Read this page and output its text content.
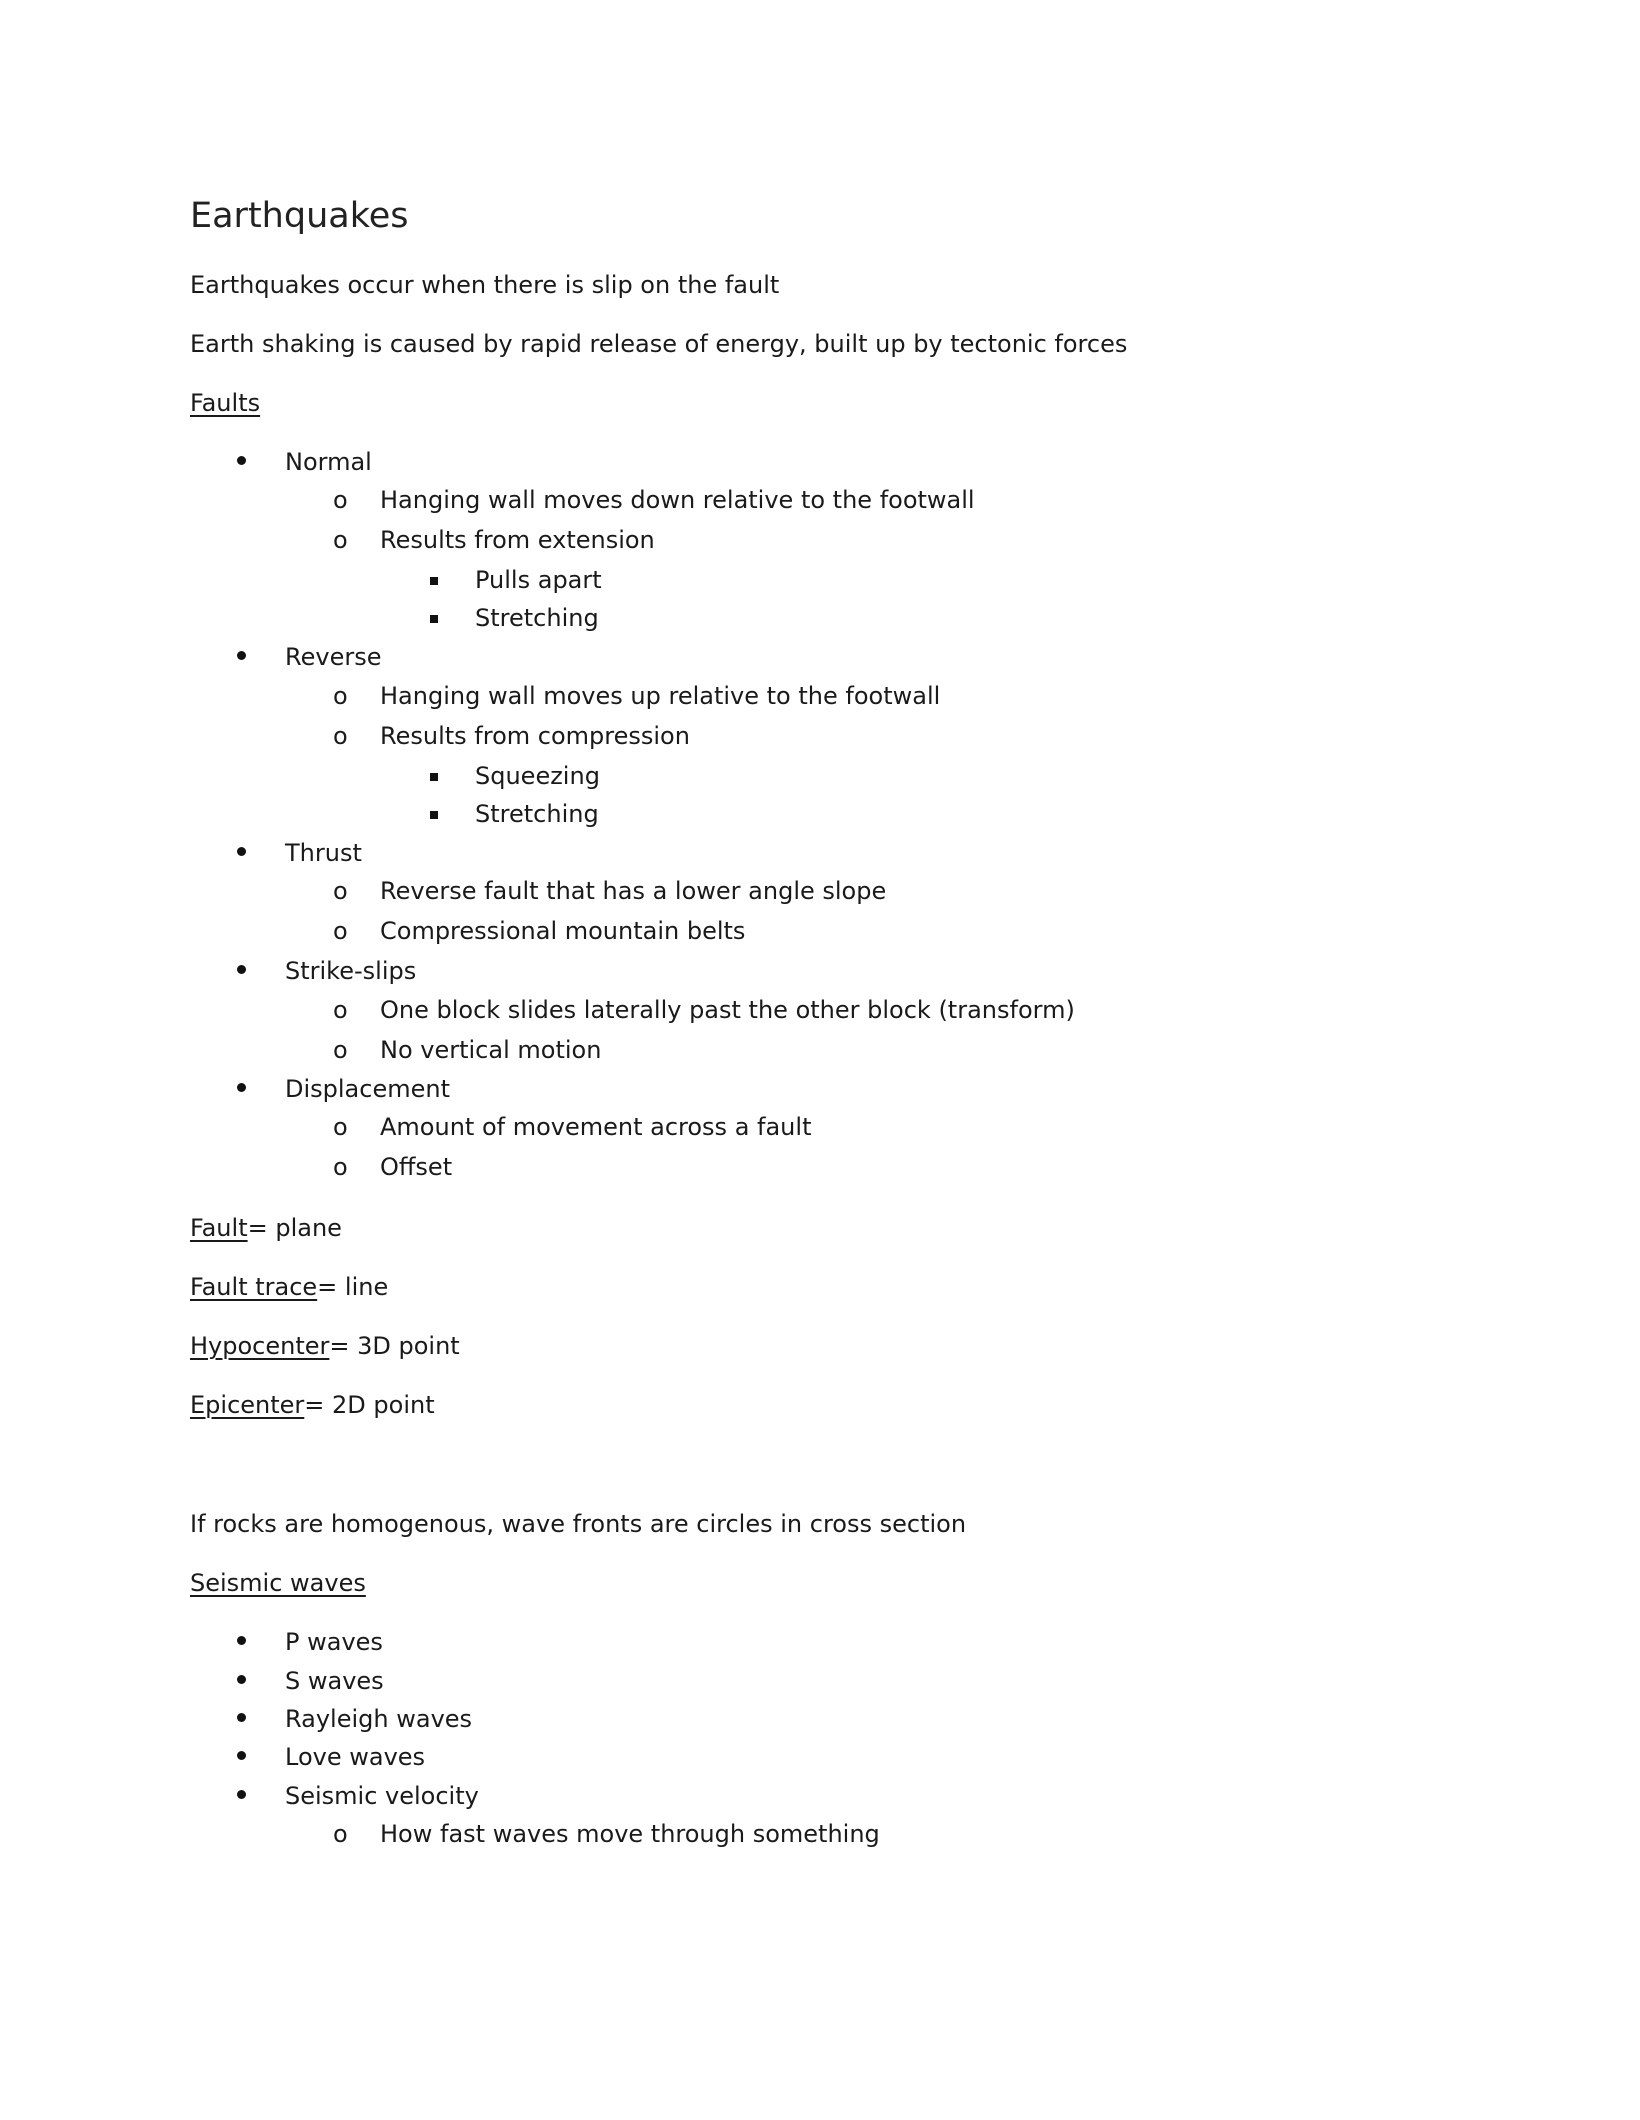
Earthquakes
Earthquakes occur when there is slip on the fault
Earth shaking is caused by rapid release of energy, built up by tectonic forces
Faults
Normal
o Hanging wall moves down relative to the footwall
o Results from extension
Pulls apart
Stretching
Reverse
o Hanging wall moves up relative to the footwall
o Results from compression
Squeezing
Stretching
Thrust
o Reverse fault that has a lower angle slope
o Compressional mountain belts
Strike-slips
o One block slides laterally past the other block (transform)
o No vertical motion
Displacement
o Amount of movement across a fault
o Offset
Fault= plane
Fault trace= line
Hypocenter= 3D point
Epicenter= 2D point
If rocks are homogenous, wave fronts are circles in cross section
Seismic waves
P waves
S waves
Rayleigh waves
Love waves
Seismic velocity
o How fast waves move through something
